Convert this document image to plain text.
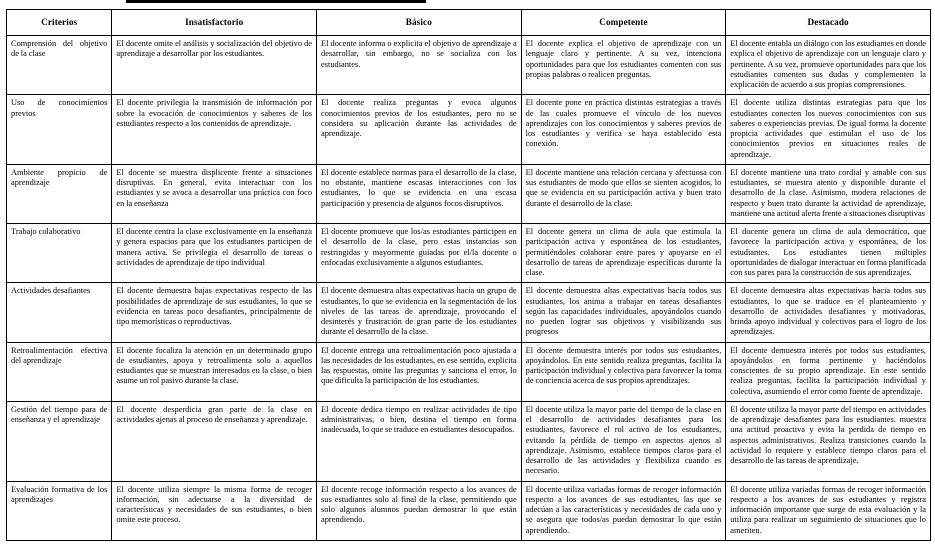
Criterios	Insatisfactorio	Básico	Competente	Destacado
Comprensión del objetivo de la clase	El docente omite el análisis y socialización del objetivo de aprendizaje a desarrollar por los estudiantes.	El docente informa o explicita el objetivo de aprendizaje a desarrollar, sin embargo, no se socializa con los estudiantes.	El docente explica el objetivo de aprendizaje con un lenguaje claro y pertinente. A su vez, intenciona oportunidades para que los estudiantes comenten con sus propias palabras o realicen preguntas.	El docente entabla un diálogo con los estudiantes en donde explica el objetivo de aprendizaje con un lenguaje claro y pertinente. A su vez, promueve oportunidades para que los estudiantes comenten sus dudas y complementen la explicación de acuerdo a sus propias comprensiones.
Uso de conocimientos previos	El docente privilegia la transmisión de información por sobre la evocación de conocimientos y saberes de los estudiantes respecto a los contenidos de aprendizaje.	El docente realiza preguntas y evoca algunos conocimientos previos de los estudiantes, pero no se considera su aplicación durante las actividades de aprendizaje.	El docente pone en práctica distintas estrategias a través de las cuales promueve el vínculo de los nuevos aprendizajes con los conocimientos y saberes previos de los estudiantes y verifica se haya establecido esta conexión.	El docente utiliza distintas estrategias para que los estudiantes conecten los nuevos conocimientos con sus saberes o experiencias previas. De igual forma la docente propicia actividades que estimulan el uso de los conocimientos previos en situaciones reales de aprendizaje.
Ambiente propicio de aprendizaje	El docente se muestra displicente frente a situaciones disruptivas. En general, evita interactuar con los estudiantes y se avoca a desarrollar una práctica con foco en la enseñanza	El docente establece normas para el desarrollo de la clase, no obstante, mantiene escasas interacciones con los estudiantes, lo que se evidencia en una escasa participación y presencia de algunos focos disruptivos.	El docente mantiene una relación cercana y afectuosa con sus estudiantes de modo que ellos se sienten acogidos, lo que se evidencia en su participación activa y buen trato durante el desarrollo de la clase.	El docente mantiene una trato cordial y amable con sus estudiantes, se muestra atento y disponible durante el desarrollo de la clase. Asimismo, modera relaciones de respecto y buen trato durante la actividad de aprendizaje, mantiene una actitud alerta frente a situaciones disruptivas
Trabajo colaborativo	El docente centra la clase exclusivamente en la enseñanza y genera espacios para que los estudiantes participen de manera activa. Se privilegia el desarrollo de tareas o actividades de aprendizaje de tipo individual	El docente promueve que los/as estudiantes participen en el desarrollo de la clase, pero estas instancias son restringidas y mayormente guiadas por el/la docente o enfocadas exclusivamente a algunos estudiantes.	El docente genera un clima de aula que estimula la participación activa y espontánea de los estudiantes, permitiéndoles colaborar entre pares y apoyarse en el desarrollo de tareas de aprendizaje específicas durante la clase.	El docente genera un clima de aula democrático, que favorece la participación activa y espontánea, de los estudiantes. Los estudiantes tienen múltiples oportunidades de dialogar interactuar en forma planificada con sus pares para la construcción de sus aprendizajes.
Actividades desafiantes	El docente demuestra bajas expectativas respecto de las posibilidades de aprendizaje de sus estudiantes, lo que se evidencia en tareas poco desafiantes, principalmente de tipo memorísticas o reproductivas.	El docente demuestra altas expectativas hacia un grupo de estudiantes, lo que se evidencia en la segmentación de los niveles de las tareas de aprendizaje, provocando el desinterés y frustración de gran parte de los estudiantes durante el desarrollo de la clase.	El docente demuestra altas expectativas hacia todos sus estudiantes, los anima a trabajar en tareas desafiantes según las capacidades individuales, apoyándolos cuando no pueden lograr sus objetivos y visibilizando sus progresos	El docente demuestra altas expectativas hacia todos sus estudiantes, lo que se traduce en el planteamiento y desarrollo de actividades desafiantes y motivadoras, brinda apoyo individual y colectivos para el logro de los aprendizajes.
Retroalimentación efectiva del aprendizaje	El docente focaliza la atención en un determinado grupo de estudiantes, apoya y retroalimenta solo a aquellos estudiantes que se muestran interesados en la clase, o bien asume un rol pasivo durante la clase.	El docente entrega una retroalimentación poco ajustada a las necesidades de los estudiantes, en ese sentido, explicita las respuestas, omite las preguntas y sanciona el error, lo que dificulta la participación de los estudiantes.	El docente demuestra interés por todos sus estudiantes, apoyándolos. En este sentido realiza preguntas, facilita la participación individual y colectiva para favorecer la toma de conciencia acerca de sus propios aprendizajes.	El docente demuestra interés por todos sus estudiantes, apoyándolos en forma pertinente y haciéndolos conscientes de su propio aprendizaje. En este sentido realiza preguntas, facilita la participación individual y colectiva, asumiendo el error como fuente de aprendizaje.
Gestión del tiempo para de enseñanza y el aprendizaje	El docente desperdicia gran parte de la clase en actividades ajenas al proceso de enseñanza y aprendizaje.	El docente dedica tiempo en realizar actividades de tipo administrativas, o bien, destina el tiempo en forma inadecuada, lo que se traduce en estudiantes desocupados.	El docente utiliza la mayor parte del tiempo de la clase en el desarrollo de actividades desafiantes para los estudiantes, favorece el rol activo de los estudiantes, evitando la pérdida de tiempo en aspectos ajenos al aprendizaje. Asimismo, establece tiempos claros para el desarrollo de las actividades y flexibiliza cuando es necesario.	El docente utiliza la mayor parte del tiempo en actividades de aprendizaje desafiantes para los estudiantes. muestra una actitud proactiva y evita la perdida de tiempo en aspectos administrativos. Realiza transiciones cuando la actividad lo requiere y establece tiempo claros para el desarrollo de las tareas de aprendizaje.
Evaluación formativa de los aprendizajes	El docente utiliza siempre la misma forma de recoger información, sin adecuarse a la diversidad de características y necesidades de sus estudiantes, o bien omite este proceso.	El docente recoge información respecto a los avances de sus estudiantes solo al final de la clase, permitiendo que solo algunos alumnos puedan demostrar lo que están aprendiendo.	El docente utiliza variadas formas de recoger información respecto a los avances de sus estudiantes, las que se adecúan a las características y necesidades de cada uno y se asegura que todos/as puedan demostrar lo que están aprendiendo.	El docente utiliza variadas formas de recoger información respecto a los avances de sus estudiantes y registra información importante que surge de esta evaluación y la utiliza para realizar un seguimiento de situaciones que lo ameriten.
